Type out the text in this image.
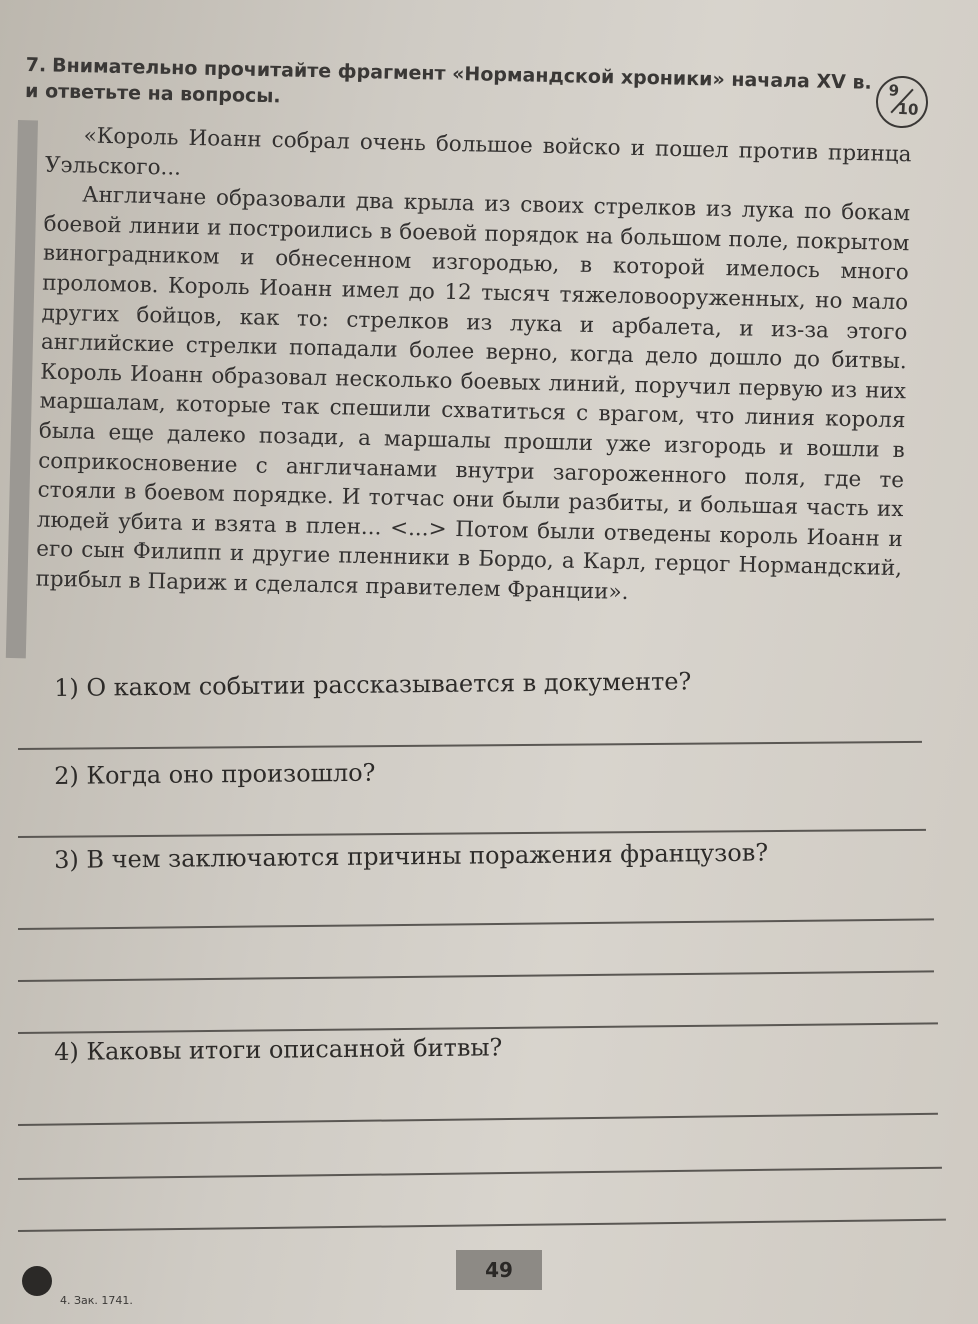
7. Внимательно прочитайте фрагмент «Нормандской хроники» начала XV в. и ответьте на вопросы.	9
10

«Король Иоанн собрал очень большое войско и пошел против принца Уэльского...

Англичане образовали два крыла из своих стрелков из лука по бокам боевой линии и построились в боевой порядок на большом поле, покрытом виноградником и обнесенном изгородью, в которой имелось много проломов. Король Иоанн имел до 12 тысяч тяжеловооруженных, но мало других бойцов, как то: стрелков из лука и арбалета, и из-за этого английские стрелки попадали более верно, когда дело дошло до битвы. Король Иоанн образовал несколько боевых линий, поручил первую из них маршалам, которые так спешили схватиться с врагом, что линия короля была еще далеко позади, а маршалы прошли уже изгородь и вошли в соприкосновение с англичанами внутри загороженного поля, где те стояли в боевом порядке. И тотчас они были разбиты, и большая часть их людей убита и взята в плен... <...> Потом были отведены король Иоанн и его сын Филипп и другие пленники в Бордо, а Карл, герцог Нормандский, прибыл в Париж и сделался правителем Франции».

1) О каком событии рассказывается в документе?
2) Когда оно произошло?
3) В чем заключаются причины поражения французов?
4) Каковы итоги описанной битвы?
49
4. Зак. 1741.
